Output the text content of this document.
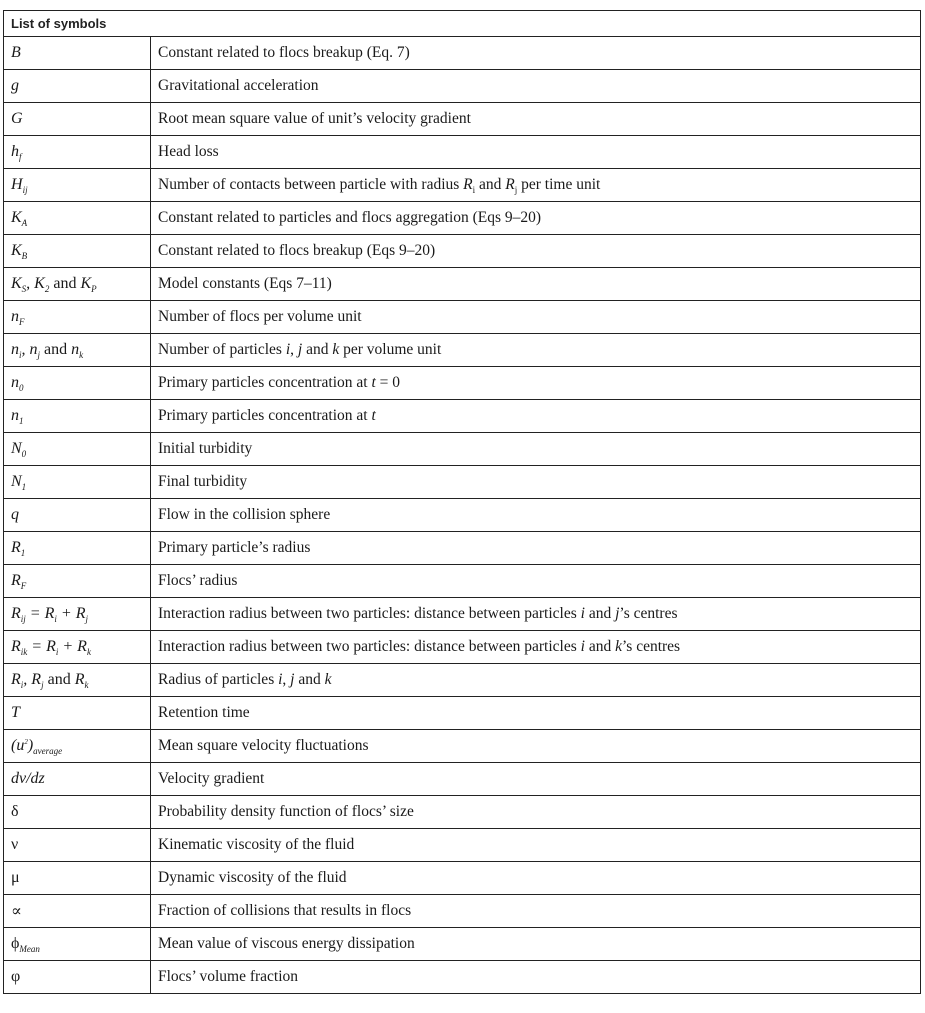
List of symbols	
B	Constant related to flocs breakup (Eq. 7)
g	Gravitational acceleration
G	Root mean square value of unit’s velocity gradient
$h_f$	Head loss
$H_{ij}$	Number of contacts between particle with radius $R_i$ and $R_j$ per time unit
$K_A$	Constant related to particles and flocs aggregation (Eqs 9–20)
$K_B$	Constant related to flocs breakup (Eqs 9–20)
$K_S$, $K_2$ and $K_P$	Model constants (Eqs 7–11)
$n_F$	Number of flocs per volume unit
$n_i$, $n_j$ and $n_k$	Number of particles i, j and k per volume unit
$n_0$	Primary particles concentration at t = 0
$n_1$	Primary particles concentration at t
$N_0$	Initial turbidity
$N_1$	Final turbidity
q	Flow in the collision sphere
$R_1$	Primary particle’s radius
$R_F$	Flocs’ radius
$R_{ij} = R_i + R_j$	Interaction radius between two particles: distance between particles i and j’s centres
$R_{ik} = R_i + R_k$	Interaction radius between two particles: distance between particles i and k’s centres
$R_i$, $R_j$ and $R_k$	Radius of particles i, j and k
T	Retention time
$(u^2)_{average}$	Mean square velocity fluctuations
dv/dz	Velocity gradient
δ	Probability density function of flocs’ size
ν	Kinematic viscosity of the fluid
μ	Dynamic viscosity of the fluid
∝	Fraction of collisions that results in flocs
$\phi_{Mean}$	Mean value of viscous energy dissipation
φ	Flocs’ volume fraction
